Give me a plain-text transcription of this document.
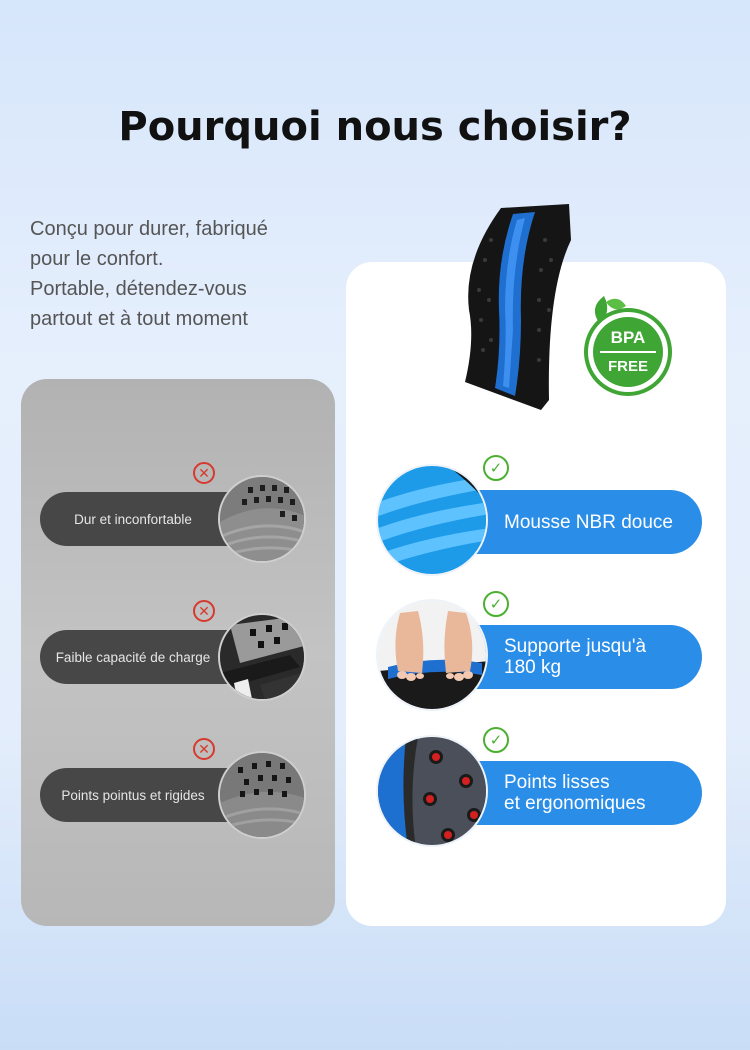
Pourquoi nous choisir?
Conçu pour durer, fabriqué
pour le confort.
Portable, détendez-vous
partout et à tout moment
✕
Dur et inconfortable
✕
Faible capacité de charge
✕
Points pointus et rigides
BPA
FREE
✓
Mousse NBR douce
✓
Supporte jusqu'à
180 kg
✓
Points lisses
et ergonomiques
